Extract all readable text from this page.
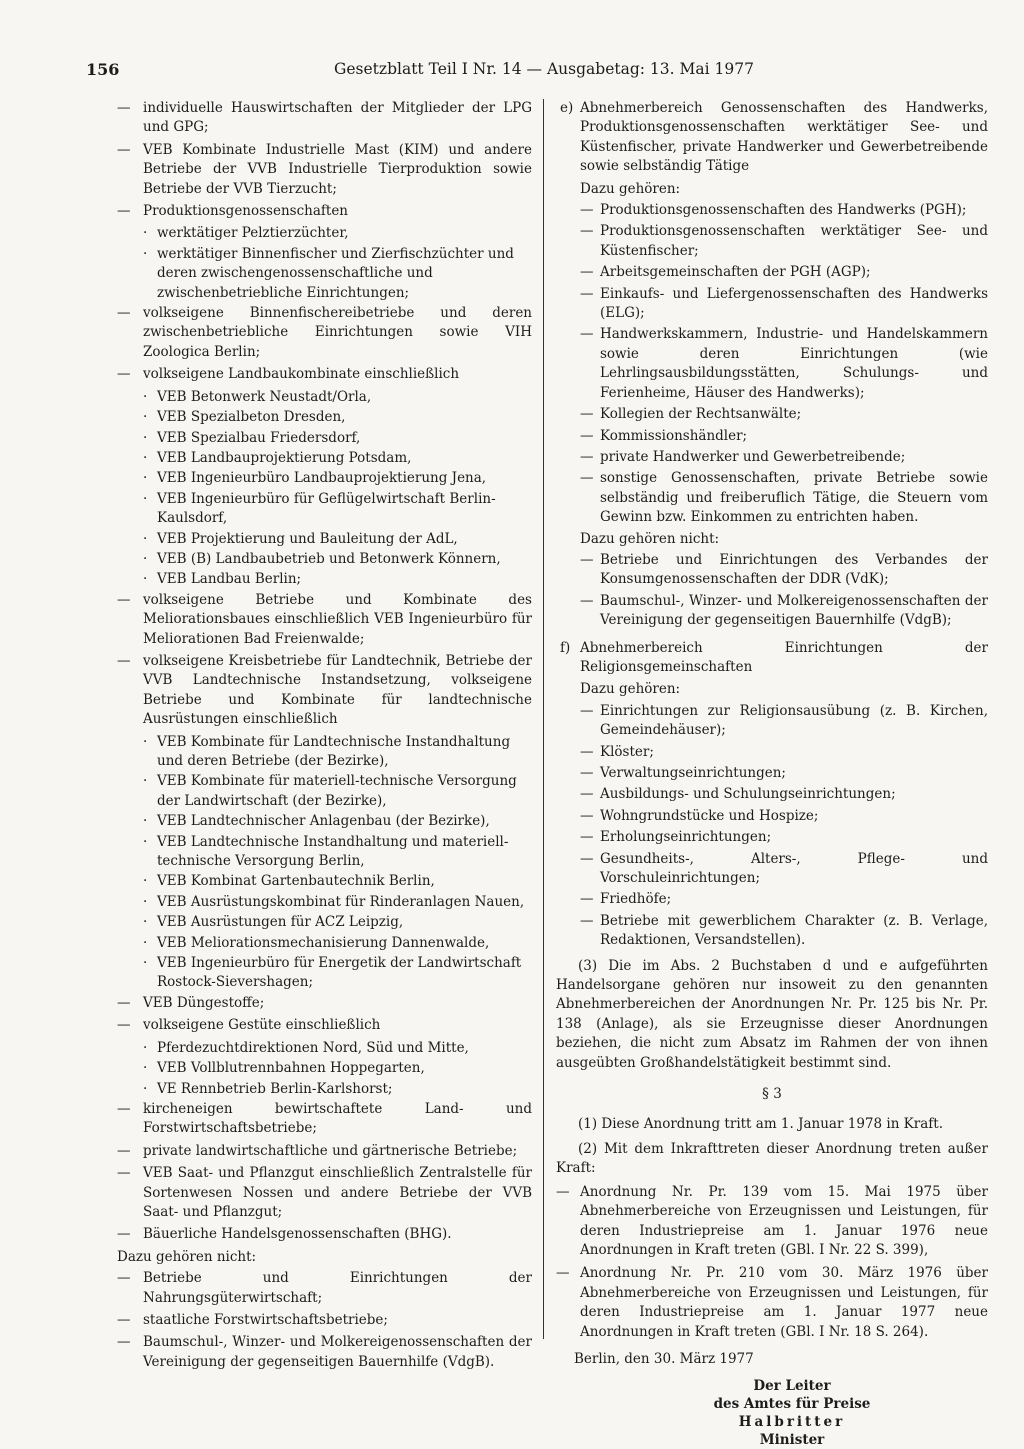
156	Gesetzblatt Teil I Nr. 14 — Ausgabetag: 13. Mai 1977
— individuelle Hauswirtschaften der Mitglieder der LPG und GPG;
— VEB Kombinate Industrielle Mast (KIM) und andere Betriebe der VVB Industrielle Tierproduktion sowie Betriebe der VVB Tierzucht;
— Produktionsgenossenschaften
· werktätiger Pelztierzüchter,
· werktätiger Binnenfischer und Zierfischzüchter und deren zwischengenossenschaftliche und zwischenbetriebliche Einrichtungen;
— volkseigene Binnenfischereibetriebe und deren zwischenbetriebliche Einrichtungen sowie VIH Zoologica Berlin;
— volkseigene Landbaukombinate einschließlich
· VEB Betonwerk Neustadt/Orla,
· VEB Spezialbeton Dresden,
· VEB Spezialbau Friedersdorf,
· VEB Landbauprojektierung Potsdam,
· VEB Ingenieurbüro Landbauprojektierung Jena,
· VEB Ingenieurbüro für Geflügelwirtschaft Berlin-Kaulsdorf,
· VEB Projektierung und Bauleitung der AdL,
· VEB (B) Landbaubetrieb und Betonwerk Könnern,
· VEB Landbau Berlin;
— volkseigene Betriebe und Kombinate des Meliorationsbaues einschließlich VEB Ingenieurbüro für Meliorationen Bad Freienwalde;
— volkseigene Kreisbetriebe für Landtechnik, Betriebe der VVB Landtechnische Instandsetzung, volkseigene Betriebe und Kombinate für landtechnische Ausrüstungen einschließlich
· VEB Kombinate für Landtechnische Instandhaltung und deren Betriebe (der Bezirke),
· VEB Kombinate für materiell-technische Versorgung der Landwirtschaft (der Bezirke),
· VEB Landtechnischer Anlagenbau (der Bezirke),
· VEB Landtechnische Instandhaltung und materiell-technische Versorgung Berlin,
· VEB Kombinat Gartenbautechnik Berlin,
· VEB Ausrüstungskombinat für Rinderanlagen Nauen,
· VEB Ausrüstungen für ACZ Leipzig,
· VEB Meliorationsmechanisierung Dannenwalde,
· VEB Ingenieurbüro für Energetik der Landwirtschaft Rostock-Sievershagen;
— VEB Düngestoffe;
— volkseigene Gestüte einschließlich
· Pferdezuchtdirektionen Nord, Süd und Mitte,
· VEB Vollblutrennbahnen Hoppegarten,
· VE Rennbetrieb Berlin-Karlshorst;
— kircheneigen bewirtschaftete Land- und Forstwirtschaftsbetriebe;
— private landwirtschaftliche und gärtnerische Betriebe;
— VEB Saat- und Pflanzgut einschließlich Zentralstelle für Sortenwesen Nossen und andere Betriebe der VVB Saat- und Pflanzgut;
— Bäuerliche Handelsgenossenschaften (BHG).
Dazu gehören nicht:
— Betriebe und Einrichtungen der Nahrungsgüterwirtschaft;
— staatliche Forstwirtschaftsbetriebe;
— Baumschul-, Winzer- und Molkereigenossenschaften der Vereinigung der gegenseitigen Bauernhilfe (VdgB).
e) Abnehmerbereich Genossenschaften des Handwerks, Produktionsgenossenschaften werktätiger See- und Küstenfischer, private Handwerker und Gewerbetreibende sowie selbständig Tätige
Dazu gehören:
— Produktionsgenossenschaften des Handwerks (PGH);
— Produktionsgenossenschaften werktätiger See- und Küstenfischer;
— Arbeitsgemeinschaften der PGH (AGP);
— Einkaufs- und Liefergenossenschaften des Handwerks (ELG);
— Handwerkskammern, Industrie- und Handelskammern sowie deren Einrichtungen (wie Lehrlingsausbildungsstätten, Schulungs- und Ferienheime, Häuser des Handwerks);
— Kollegien der Rechtsanwälte;
— Kommissionshändler;
— private Handwerker und Gewerbetreibende;
— sonstige Genossenschaften, private Betriebe sowie selbständig und freiberuflich Tätige, die Steuern vom Gewinn bzw. Einkommen zu entrichten haben.
Dazu gehören nicht:
— Betriebe und Einrichtungen des Verbandes der Konsumgenossenschaften der DDR (VdK);
— Baumschul-, Winzer- und Molkereigenossenschaften der Vereinigung der gegenseitigen Bauernhilfe (VdgB);
f) Abnehmerbereich Einrichtungen der Religionsgemeinschaften
Dazu gehören:
— Einrichtungen zur Religionsausübung (z. B. Kirchen, Gemeindehäuser);
— Klöster;
— Verwaltungseinrichtungen;
— Ausbildungs- und Schulungseinrichtungen;
— Wohngrundstücke und Hospize;
— Erholungseinrichtungen;
— Gesundheits-, Alters-, Pflege- und Vorschuleinrichtungen;
— Friedhöfe;
— Betriebe mit gewerblichem Charakter (z. B. Verlage, Redaktionen, Versandstellen).
(3) Die im Abs. 2 Buchstaben d und e aufgeführten Handelsorgane gehören nur insoweit zu den genannten Abnehmerbereichen der Anordnungen Nr. Pr. 125 bis Nr. Pr. 138 (Anlage), als sie Erzeugnisse dieser Anordnungen beziehen, die nicht zum Absatz im Rahmen der von ihnen ausgeübten Großhandelstätigkeit bestimmt sind.
§ 3
(1) Diese Anordnung tritt am 1. Januar 1978 in Kraft.
(2) Mit dem Inkrafttreten dieser Anordnung treten außer Kraft:
— Anordnung Nr. Pr. 139 vom 15. Mai 1975 über Abnehmerbereiche von Erzeugnissen und Leistungen, für deren Industriepreise am 1. Januar 1976 neue Anordnungen in Kraft treten (GBl. I Nr. 22 S. 399),
— Anordnung Nr. Pr. 210 vom 30. März 1976 über Abnehmerbereiche von Erzeugnissen und Leistungen, für deren Industriepreise am 1. Januar 1977 neue Anordnungen in Kraft treten (GBl. I Nr. 18 S. 264).
Berlin, den 30. März 1977
Der Leiter
des Amtes für Preise
Halbritter
Minister
